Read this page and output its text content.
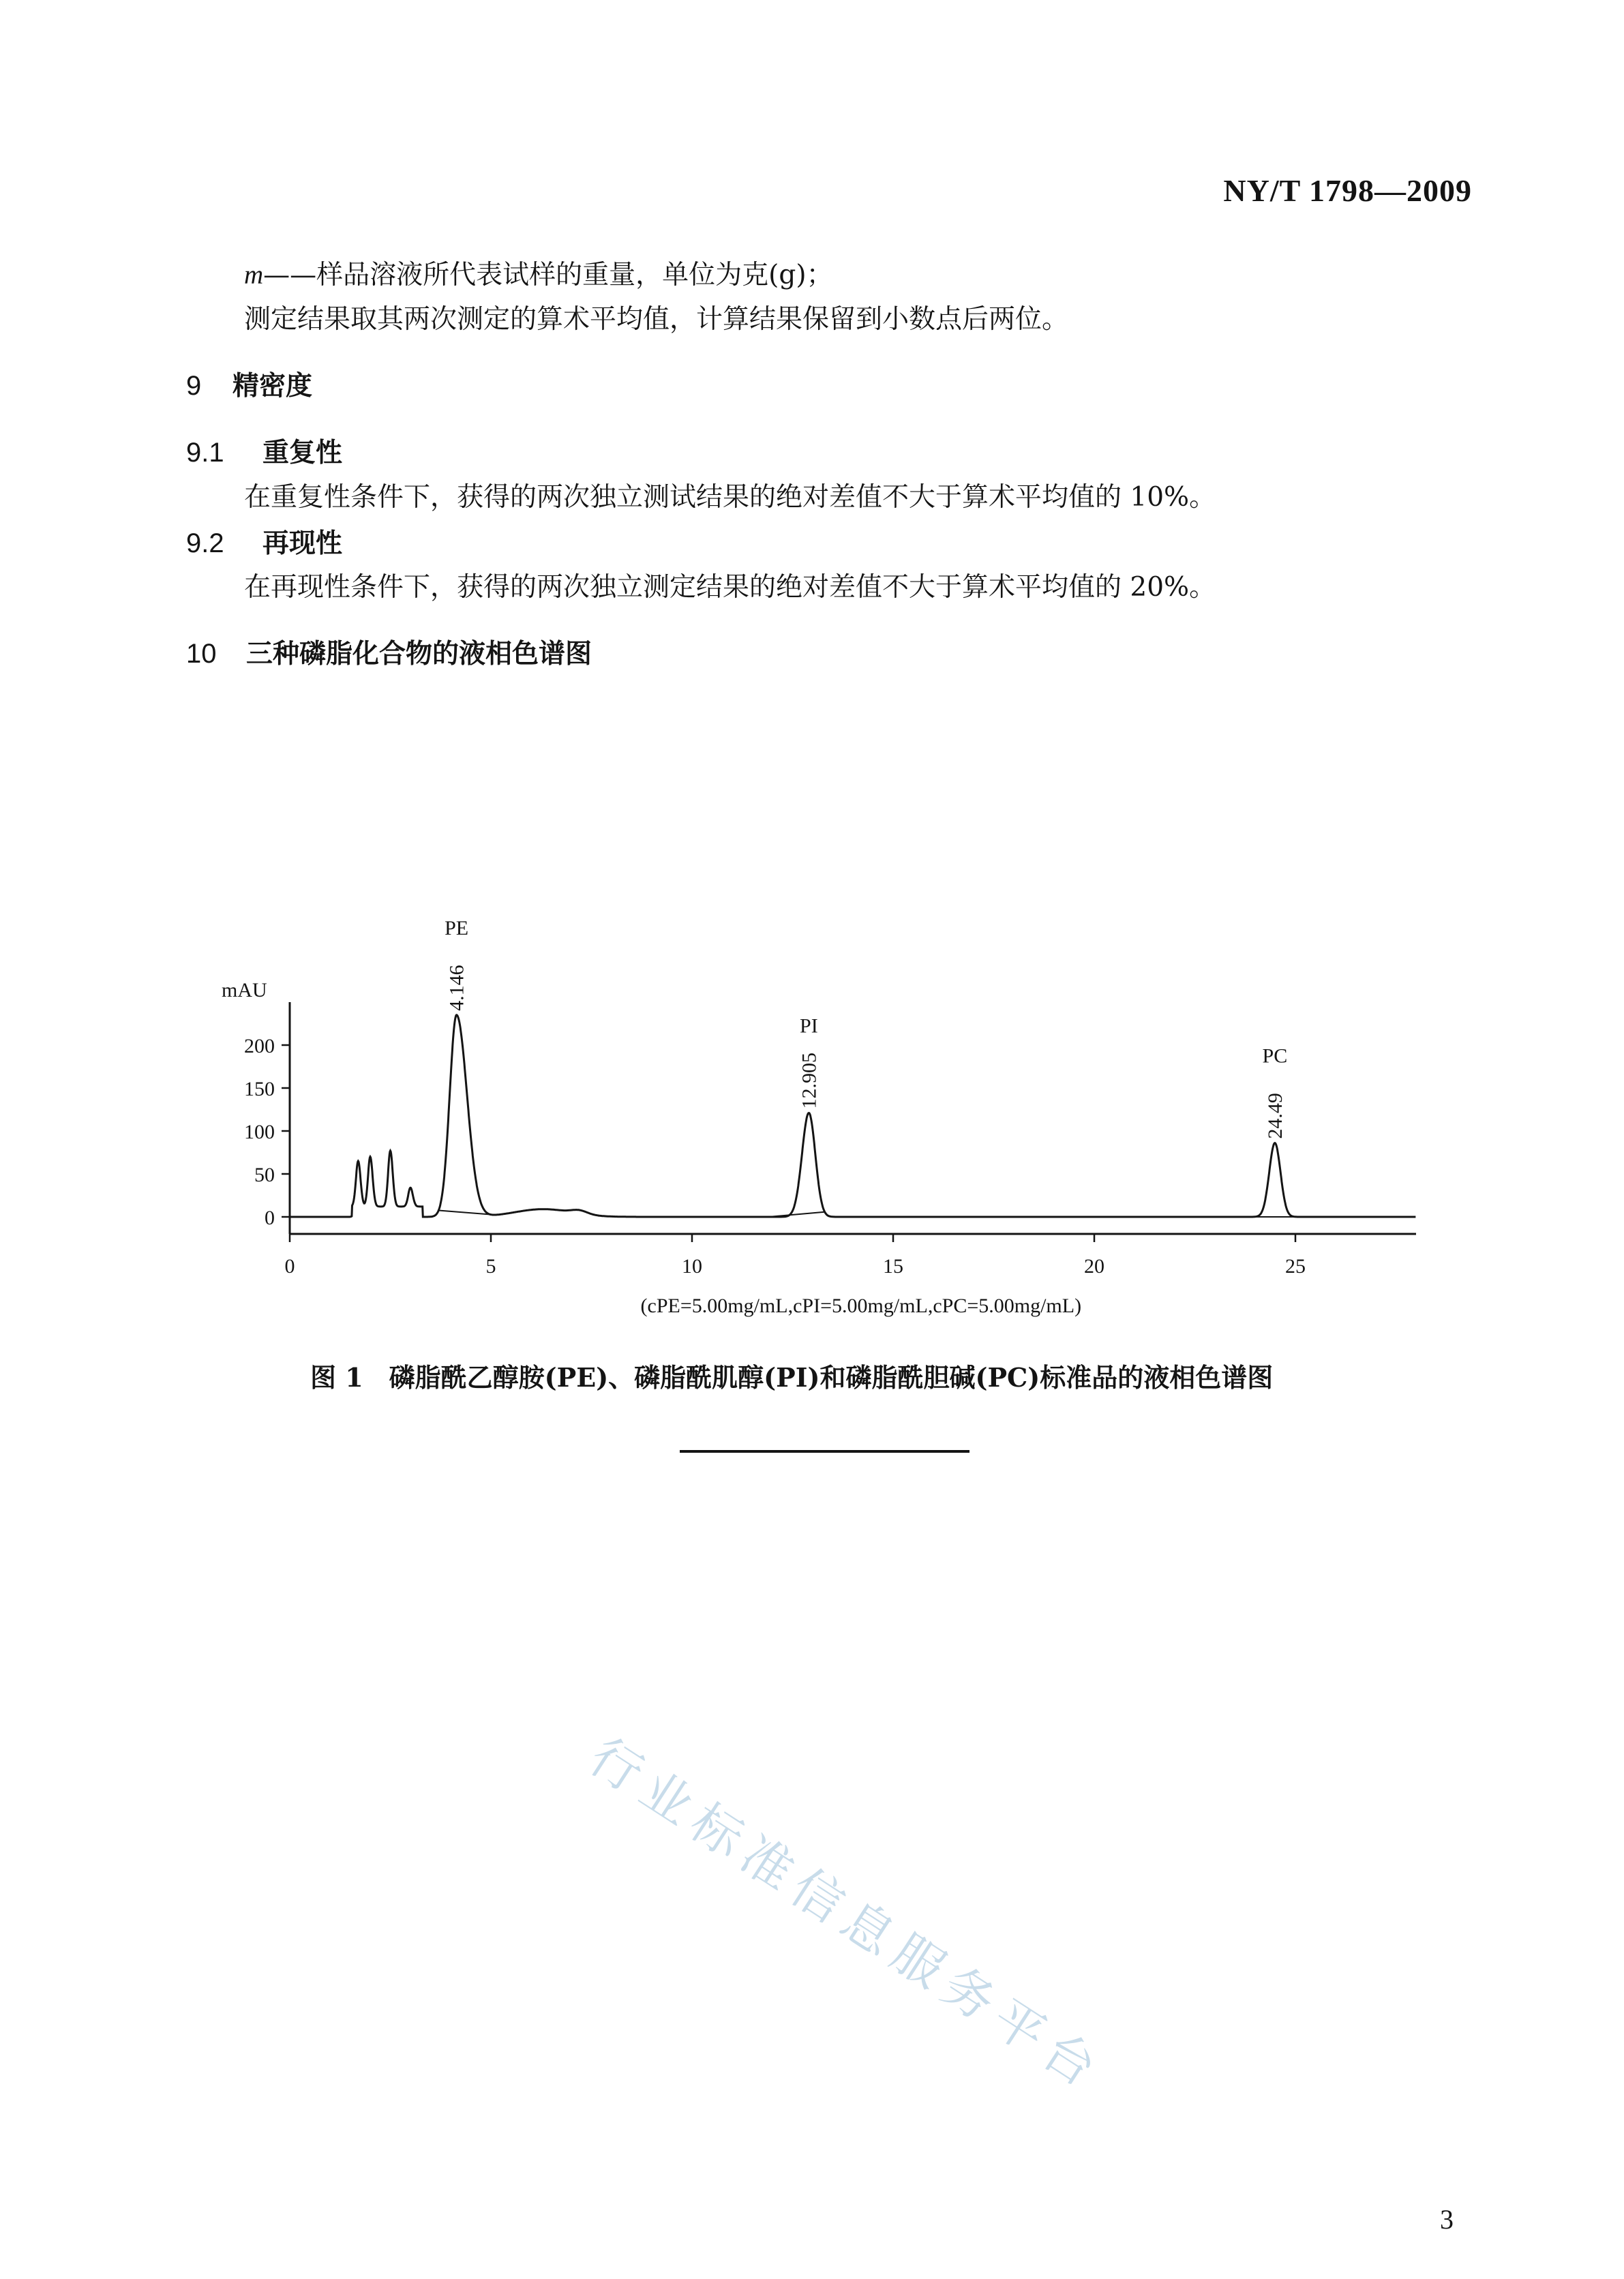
NY/T 1798—2009
m——样品溶液所代表试样的重量，单位为克(g)；
测定结果取其两次测定的算术平均值，计算结果保留到小数点后两位。
9 精密度
9.1 重复性
在重复性条件下，获得的两次独立测试结果的绝对差值不大于算术平均值的 10%。
9.2 再现性
在再现性条件下，获得的两次独立测定结果的绝对差值不大于算术平均值的 20%。
10 三种磷脂化合物的液相色谱图
0	5	10	15	20	25
0
50
100
150
200
PE
4.146
PI
12.905	PC
24.49
mAU
(cPE=5.00mg/mL,cPI=5.00mg/mL,cPC=5.00mg/mL)
图 1 磷脂酰乙醇胺(PE)、磷脂酰肌醇(PI)和磷脂酰胆碱(PC)标准品的液相色谱图
行业标准信息服务平台
3
